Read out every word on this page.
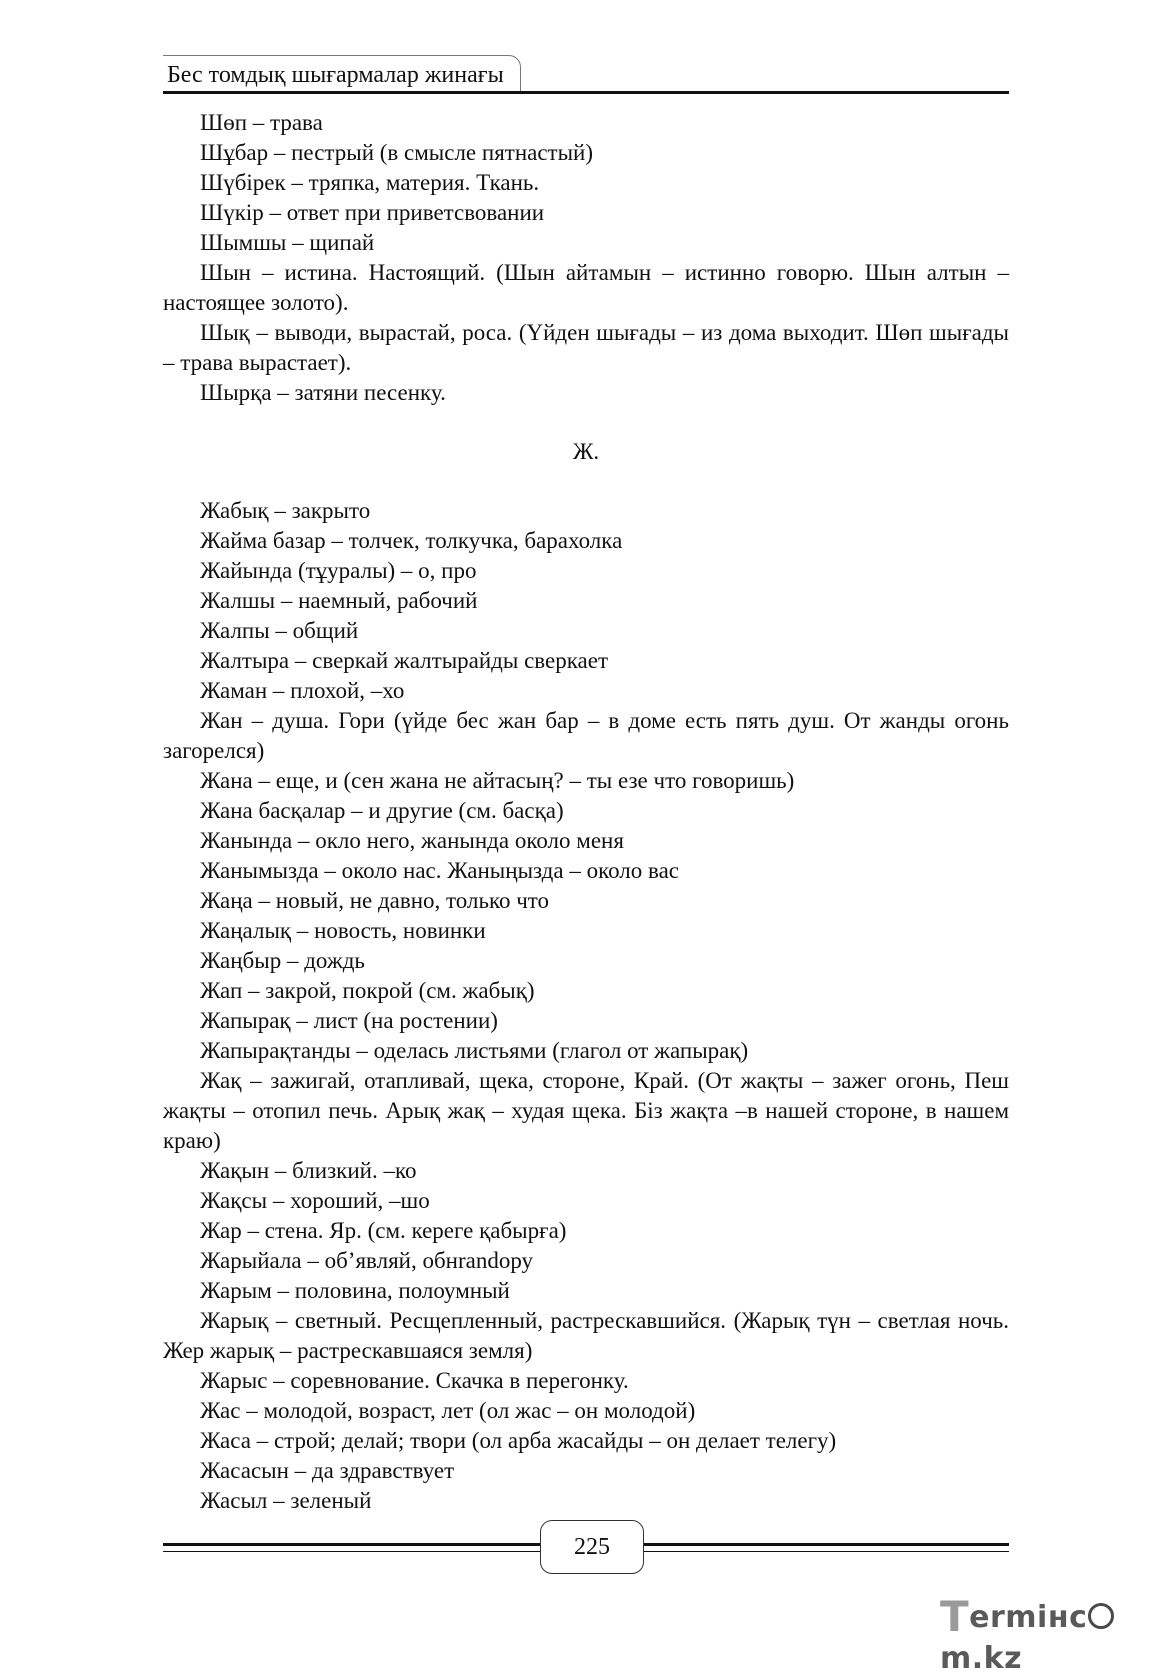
Бес томдық шығармалар жинағы

Шөп – трава

Шұбар – пестрый (в смысле пятнастый)

Шүбірек – тряпка, материя. Ткань.

Шүкір – ответ при приветсвовании

Шымшы – щипай

Шын – истина. Настоящий. (Шын айтамын – истинно говорю. Шын алтын – настоящее золото).

Шық – выводи, вырастай, роса. (Үйден шығады – из дома выходит. Шөп шығады – трава вырастает).

Шырқа – затяни песенку.

Ж.

Жабық – закрыто

Жайма базар – толчек, толкучка, барахолка

Жайында (тұуралы) – о, про

Жалшы – наемный, рабочий

Жалпы – общий

Жалтыра – сверкай жалтырайды сверкает

Жаман – плохой, –хо

Жан – душа. Гори (үйде бес жан бар – в доме есть пять душ. От жанды огонь загорелся)

Жана – еще, и (сен жана не айтасың? – ты езе что говоришь)

Жана басқалар – и другие (см. басқа)

Жанында – окло него, жанында около меня

Жанымызда – около нас. Жаныңызда – около вас

Жаңа – новый, не давно, только что

Жаңалық – новость, новинки

Жаңбыр – дождь

Жап – закрой, покрой (см. жабық)

Жапырақ – лист (на ростении)

Жапырақтанды – оделась листьями (глагол от жапырақ)

Жақ – зажигай, отапливай, щека, стороне, Край. (От жақты – зажег огонь, Пеш жақты – отопил печь. Арық жақ – худая щека. Біз жақта –в нашей стороне, в нашем краю)

Жақын – близкий. –ко

Жақсы – хороший, –шо

Жар – стена. Яр. (см. кереге қабырға)

Жарыйала – об’являй, обнrandору

Жарым – половина, полоумный

Жарық – светный. Ресщепленный, растрескавшийся. (Жарық түн – светлая ночь. Жер жарық – растрескавшаяся земля)

Жарыс – соревнование. Скачка в перегонку.

Жас – молодой, возраст, лет (ол жас – он молодой)

Жаса – строй; делай; твори (ол арба жасайды – он делает телегу)

Жасасын – да здравствует

Жасыл – зеленый

225
Termінcm.kz
